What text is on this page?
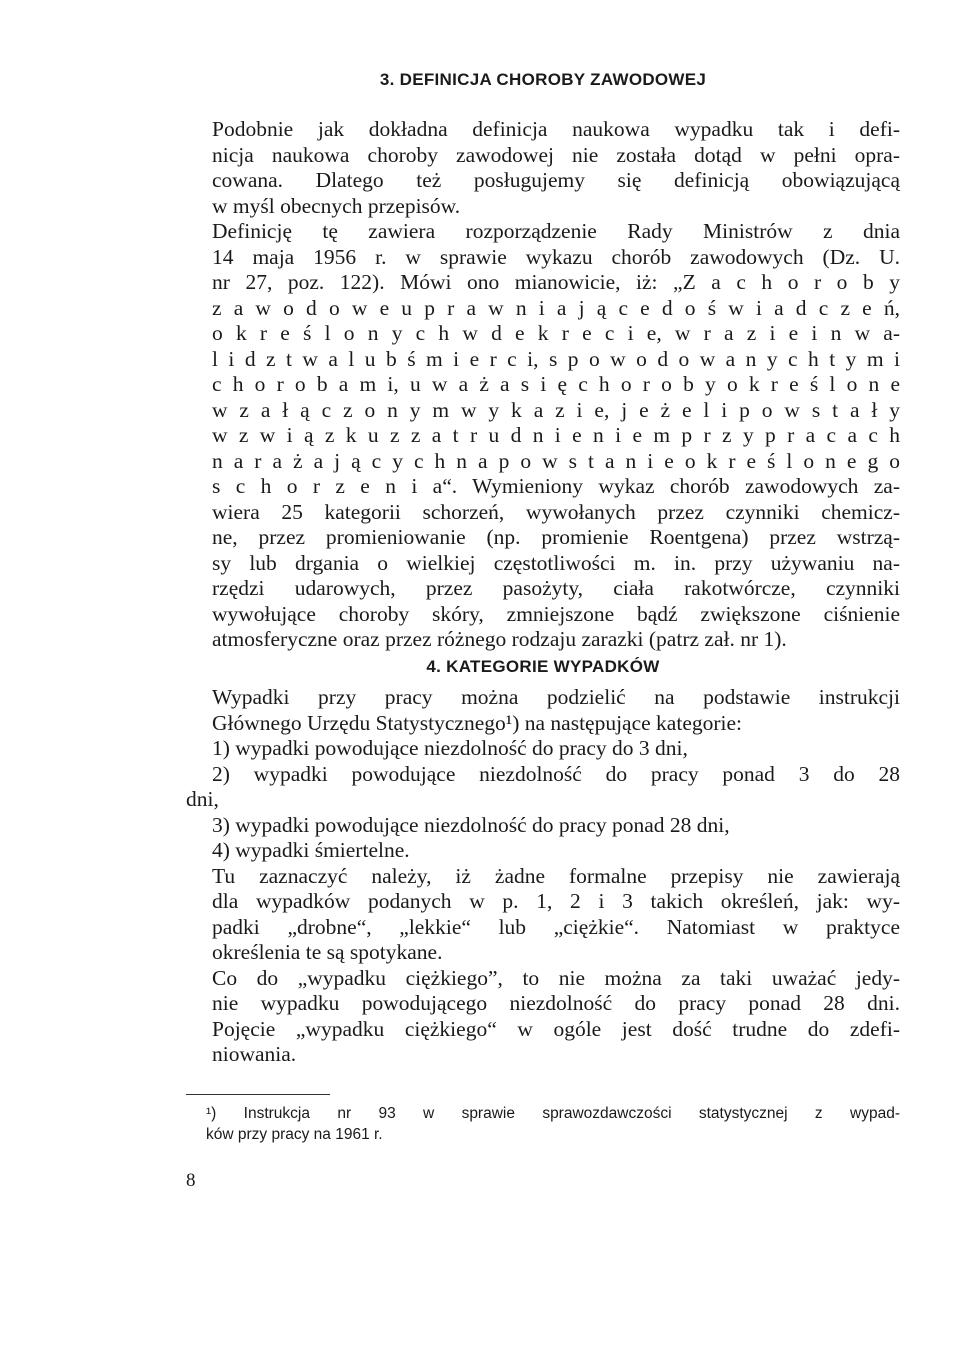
3. DEFINICJA CHOROBY ZAWODOWEJ
Podobnie jak dokładna definicja naukowa wypadku tak i defi-
nicja naukowa choroby zawodowej nie została dotąd w pełni opra-
cowana. Dlatego też posługujemy się definicją obowiązującą
w myśl obecnych przepisów.
Definicję tę zawiera rozporządzenie Rady Ministrów z dnia
14 maja 1956 r. w sprawie wykazu chorób zawodowych (Dz. U.
nr 27, poz. 122). Mówi ono mianowicie, iż: „Z a c h o r o b y
z a w o d o w e u p r a w n i a j ą c e d o ś w i a d c z e ń,
o k r e ś l o n y c h w d e k r e c i e, w r a z i e i n w a-
l i d z t w a l u b ś m i e r c i, s p o w o d o w a n y c h t y m i
c h o r o b a m i, u w a ż a s i ę c h o r o b y o k r e ś l o n e
w z a ł ą c z o n y m w y k a z i e, j e ż e l i p o w s t a ł y
w z w i ą z k u z z a t r u d n i e n i e m p r z y p r a c a c h
n a r a ż a j ą c y c h n a p o w s t a n i e o k r e ś l o n e g o
s c h o r z e n i a“. Wymieniony wykaz chorób zawodowych za-
wiera 25 kategorii schorzeń, wywołanych przez czynniki chemicz-
ne, przez promieniowanie (np. promienie Roentgena) przez wstrzą-
sy lub drgania o wielkiej częstotliwości m. in. przy używaniu na-
rzędzi udarowych, przez pasożyty, ciała rakotwórcze, czynniki
wywołujące choroby skóry, zmniejszone bądź zwiększone ciśnienie
atmosferyczne oraz przez różnego rodzaju zarazki (patrz zał. nr 1).
4. KATEGORIE WYPADKÓW
Wypadki przy pracy można podzielić na podstawie instrukcji
Głównego Urzędu Statystycznego¹) na następujące kategorie:
1) wypadki powodujące niezdolność do pracy do 3 dni,
2) wypadki powodujące niezdolność do pracy ponad 3 do 28
dni,
3) wypadki powodujące niezdolność do pracy ponad 28 dni,
4) wypadki śmiertelne.
Tu zaznaczyć należy, iż żadne formalne przepisy nie zawierają
dla wypadków podanych w p. 1, 2 i 3 takich określeń, jak: wy-
padki „drobne“, „lekkie“ lub „ciężkie“. Natomiast w praktyce
określenia te są spotykane.
Co do „wypadku ciężkiego”, to nie można za taki uważać jedy-
nie wypadku powodującego niezdolność do pracy ponad 28 dni.
Pojęcie „wypadku ciężkiego“ w ogóle jest dość trudne do zdefi-
niowania.
¹) Instrukcja nr 93 w sprawie sprawozdawczości statystycznej z wypad-
ków przy pracy na 1961 r.
8
